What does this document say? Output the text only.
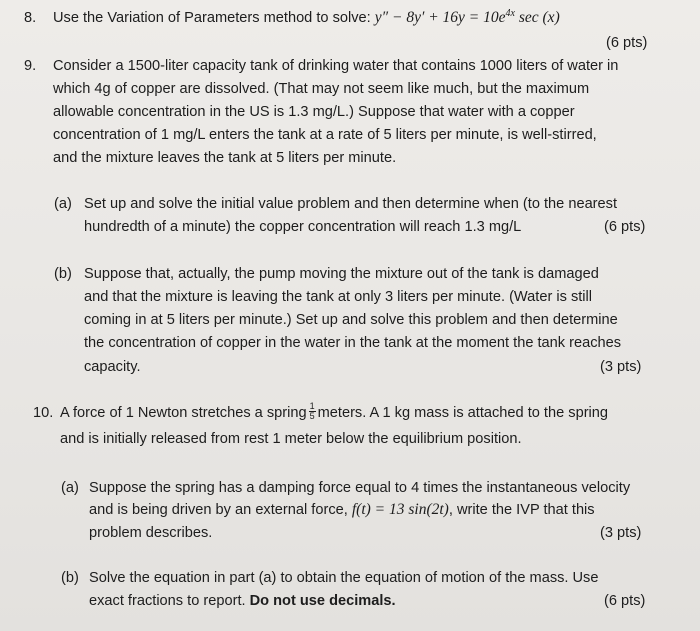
8. Use the Variation of Parameters method to solve: $y'' - 8y' + 16y = 10e^{4x}$ sec (x)
(6 pts)
9. Consider a 1500-liter capacity tank of drinking water that contains 1000 liters of water in
which 4g of copper are dissolved. (That may not seem like much, but the maximum
allowable concentration in the US is 1.3 mg/L.) Suppose that water with a copper
concentration of 1 mg/L enters the tank at a rate of 5 liters per minute, is well-stirred,
and the mixture leaves the tank at 5 liters per minute.
(a) Set up and solve the initial value problem and then determine when (to the nearest
hundredth of a minute) the copper concentration will reach 1.3 mg/L	(6 pts)
(b) Suppose that, actually, the pump moving the mixture out of the tank is damaged
and that the mixture is leaving the tank at only 3 liters per minute. (Water is still
coming in at 5 liters per minute.) Set up and solve this problem and then determine
the concentration of copper in the water in the tank at the moment the tank reaches
capacity.	(3 pts)
10. A force of 1 Newton stretches a spring $\frac{1}{5}$ meters. A 1 kg mass is attached to the spring
and is initially released from rest 1 meter below the equilibrium position.
(a) Suppose the spring has a damping force equal to 4 times the instantaneous velocity
and is being driven by an external force, f(t) = 13 sin(2t), write the IVP that this
problem describes.	(3 pts)
(b) Solve the equation in part (a) to obtain the equation of motion of the mass. Use
exact fractions to report. Do not use decimals.	(6 pts)
